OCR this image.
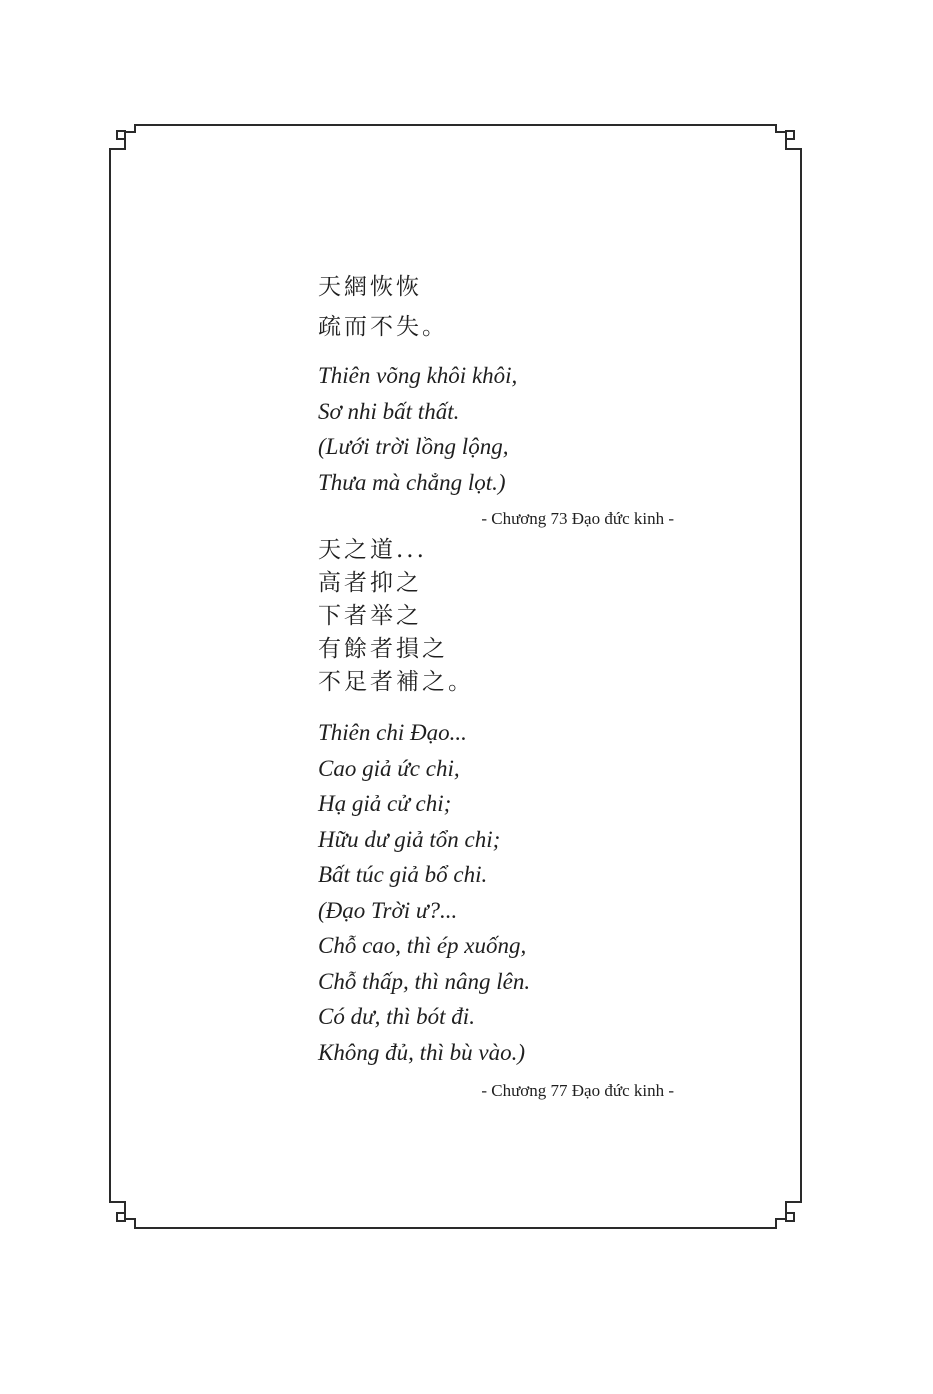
天網恢恢

疏而不失。

Thiên võng khôi khôi,

Sơ nhi bất thất.

(Lưới trời lồng lộng,

Thưa mà chẳng lọt.)

- Chương 73 Đạo đức kinh -

天之道...

高者抑之

下者举之

有餘者損之

不足者補之。

Thiên chi Đạo...

Cao giả ức chi,

Hạ giả cử chi;

Hữu dư giả tổn chi;

Bất túc giả bổ chi.

(Đạo Trời ư?...

Chỗ cao, thì ép xuống,

Chỗ thấp, thì nâng lên.

Có dư, thì bót đi.

Không đủ, thì bù vào.)

- Chương 77 Đạo đức kinh -
